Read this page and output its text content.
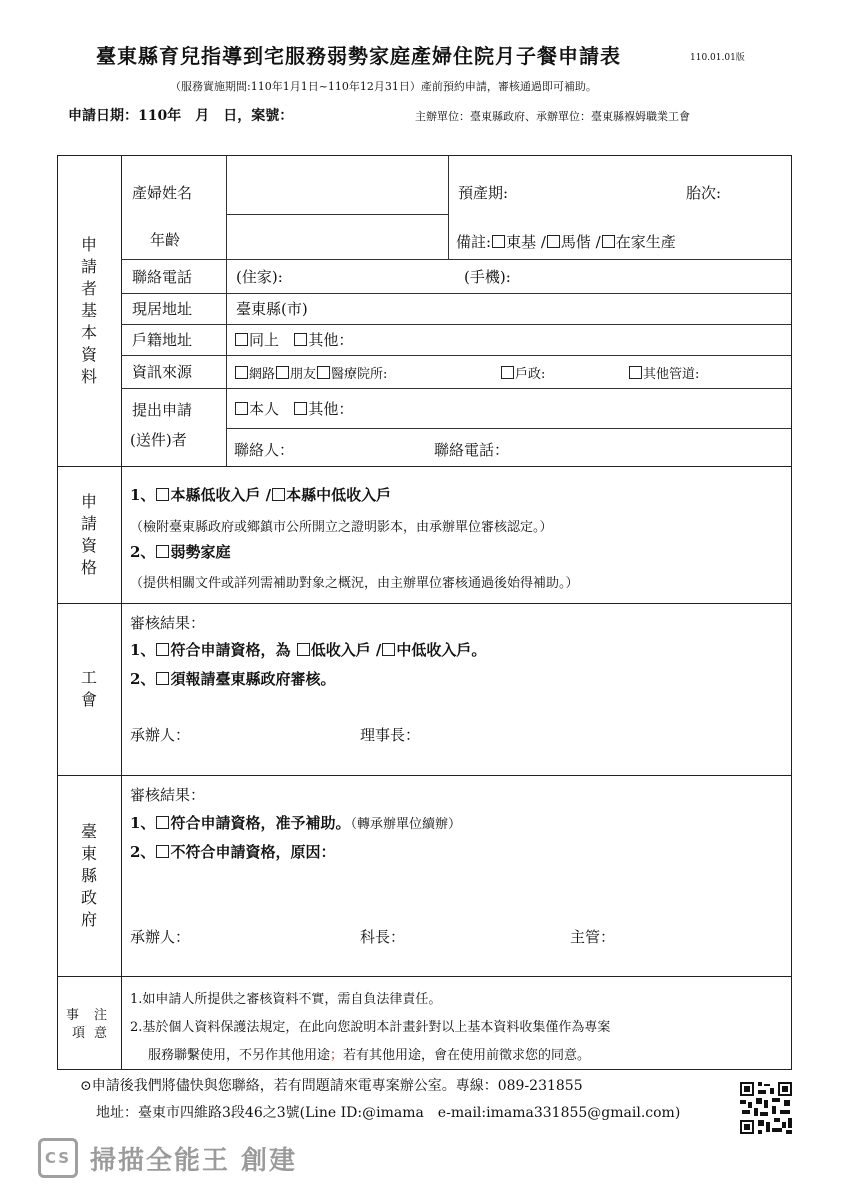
臺東縣育兒指導到宅服務弱勢家庭產婦住院月子餐申請表	110.01.01版
（服務實施期間:110年1月1日~110年12月31日）產前預約申請，審核通過即可補助。
申請日期：110年　月　日，案號：	主辦單位：臺東縣政府、承辦單位：臺東縣褓姆職業工會
申
請
者
基
本
資
料
產婦姓名	預產期:	胎次:
年齡	備註: 東基 / 馬偕 / 在家生產
聯絡電話	(住家):	(手機):
現居地址	臺東縣(市)
戶籍地址	同上 其他：
資訊來源	網路 朋友 醫療院所:	戶政:	其他管道:
提出申請
(送件)者
本人 其他：
聯絡人：	聯絡電話：
申
請
資
格
1、 本縣低收入戶 / 本縣中低收入戶
（檢附臺東縣政府或鄉鎮市公所開立之證明影本，由承辦單位審核認定。）
2、 弱勢家庭
（提供相關文件或詳列需補助對象之概況，由主辦單位審核通過後始得補助。）
工
會
審核結果：
1、 符合申請資格，為 低收入戶 / 中低收入戶。
2、 須報請臺東縣政府審核。
承辦人：	理事長：
臺
東
縣
政
府
審核結果：
1、 符合申請資格，准予補助。（轉承辦單位續辦）
2、 不符合申請資格，原因：
承辦人：	科長：	主管：
事 注
項 意
1.如申請人所提供之審核資料不實，需自負法律責任。
2.基於個人資料保護法規定，在此向您說明本計畫針對以上基本資料收集僅作為專案
服務聯繫使用，不另作其他用途；若有其他用途，會在使用前徵求您的同意。
⊙申請後我們將儘快與您聯絡，若有問題請來電專案辦公室。專線：089-231855
地址：臺東市四維路3段46之3號(Line ID:@imama　e-mail:imama331855@gmail.com)
CS 掃描全能王 創建
